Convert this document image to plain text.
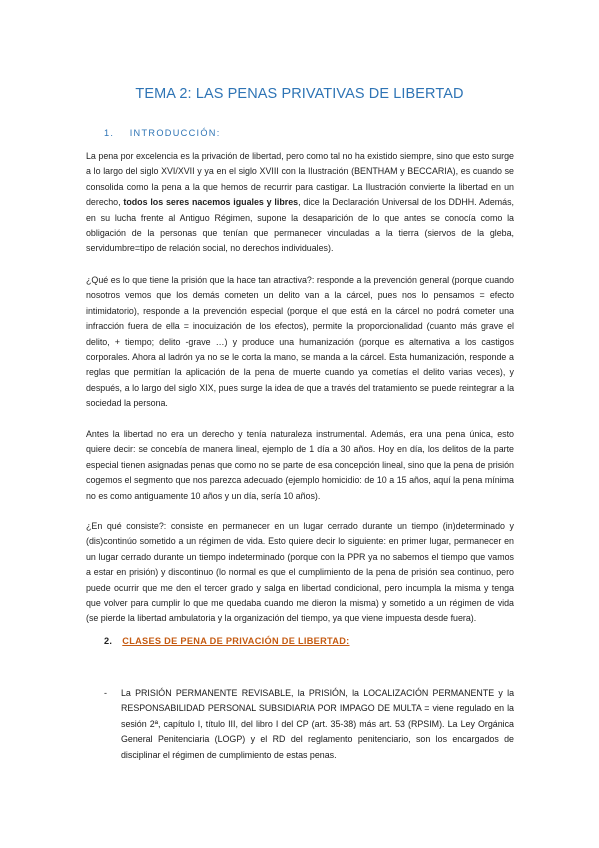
TEMA 2: LAS PENAS PRIVATIVAS DE LIBERTAD
1. INTRODUCCIÓN:
La pena por excelencia es la privación de libertad, pero como tal no ha existido siempre, sino que esto surge a lo largo del siglo XVI/XVII y ya en el siglo XVIII con la Ilustración (BENTHAM y BECCARIA), es cuando se consolida como la pena a la que hemos de recurrir para castigar. La Ilustración convierte la libertad en un derecho, todos los seres nacemos iguales y libres, dice la Declaración Universal de los DDHH. Además, en su lucha frente al Antiguo Régimen, supone la desaparición de lo que antes se conocía como la obligación de la personas que tenían que permanecer vinculadas a la tierra (siervos de la gleba, servidumbre=tipo de relación social, no derechos individuales).
¿Qué es lo que tiene la prisión que la hace tan atractiva?: responde a la prevención general (porque cuando nosotros vemos que los demás cometen un delito van a la cárcel, pues nos lo pensamos = efecto intimidatorio), responde a la prevención especial (porque el que está en la cárcel no podrá cometer una infracción fuera de ella = inocuización de los efectos), permite la proporcionalidad (cuanto más grave el delito, + tiempo; delito -grave …) y produce una humanización (porque es alternativa a los castigos corporales. Ahora al ladrón ya no se le corta la mano, se manda a la cárcel. Esta humanización, responde a reglas que permitían la aplicación de la pena de muerte cuando ya cometías el delito varias veces), y después, a lo largo del siglo XIX, pues surge la idea de que a través del tratamiento se puede reintegrar a la sociedad la persona.
Antes la libertad no era un derecho y tenía naturaleza instrumental. Además, era una pena única, esto quiere decir: se concebía de manera lineal, ejemplo de 1 día a 30 años. Hoy en día, los delitos de la parte especial tienen asignadas penas que como no se parte de esa concepción lineal, sino que la pena de prisión cogemos el segmento que nos parezca adecuado (ejemplo homicidio: de 10 a 15 años, aquí la pena mínima no es como antiguamente 10 años y un día, sería 10 años).
¿En qué consiste?: consiste en permanecer en un lugar cerrado durante un tiempo (in)determinado y (dis)continúo sometido a un régimen de vida. Esto quiere decir lo siguiente: en primer lugar, permanecer en un lugar cerrado durante un tiempo indeterminado (porque con la PPR ya no sabemos el tiempo que vamos a estar en prisión) y discontinuo (lo normal es que el cumplimiento de la pena de prisión sea continuo, pero puede ocurrir que me den el tercer grado y salga en libertad condicional, pero incumpla la misma y tenga que volver para cumplir lo que me quedaba cuando me dieron la misma) y sometido a un régimen de vida (se pierde la libertad ambulatoria y la organización del tiempo, ya que viene impuesta desde fuera).
2. CLASES DE PENA DE PRIVACIÓN DE LIBERTAD:
- La PRISIÓN PERMANENTE REVISABLE, la PRISIÓN, la LOCALIZACIÓN PERMANENTE y la RESPONSABILIDAD PERSONAL SUBSIDIARIA POR IMPAGO DE MULTA = viene regulado en la sesión 2ª, capítulo I, título III, del libro I del CP (art. 35-38) más art. 53 (RPSIM). La Ley Orgánica General Penitenciaria (LOGP) y el RD del reglamento penitenciario, son los encargados de disciplinar el régimen de cumplimiento de estas penas.
